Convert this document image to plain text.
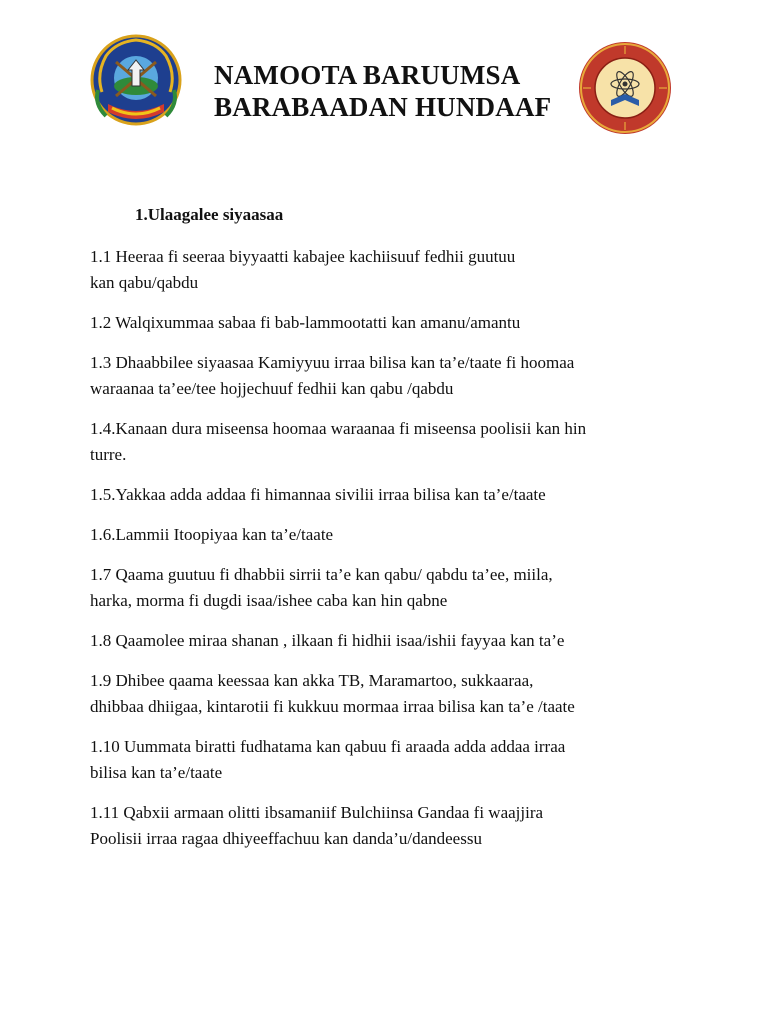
NAMOOTA BARUUMSA
BARABAADAN HUNDAAF
1.Ulaagalee siyaasaa
1.1 Heeraa fi seeraa biyyaatti kabajee kachiisuuf fedhii guutuu
kan qabu/qabdu
1.2 Walqixummaa sabaa fi bab-lammootatti kan amanu/amantu
1.3 Dhaabbilee siyaasaa Kamiyyuu irraa bilisa kan ta’e/taate fi hoomaa
waraanaa ta’ee/tee hojjechuuf fedhii kan qabu /qabdu
1.4.Kanaan dura miseensa hoomaa waraanaa fi miseensa poolisii kan hin
turre.
1.5.Yakkaa adda addaa fi himannaa sivilii irraa bilisa kan ta’e/taate
1.6.Lammii Itoopiyaa kan ta’e/taate
1.7 Qaama guutuu fi dhabbii sirrii ta’e kan qabu/ qabdu ta’ee, miila,
harka, morma fi dugdi isaa/ishee caba kan hin qabne
1.8 Qaamolee miraa shanan , ilkaan fi hidhii isaa/ishii fayyaa kan ta’e
1.9 Dhibee qaama keessaa kan akka TB, Maramartoo, sukkaaraa,
dhibbaa dhiigaa, kintarotii fi kukkuu mormaa irraa bilisa kan ta’e /taate
1.10 Uummata biratti fudhatama kan qabuu fi araada adda addaa irraa
bilisa kan ta’e/taate
1.11 Qabxii armaan olitti ibsamaniif Bulchiinsa Gandaa fi waajjira
Poolisii irraa ragaa dhiyeeffachuu kan danda’u/dandeessu
